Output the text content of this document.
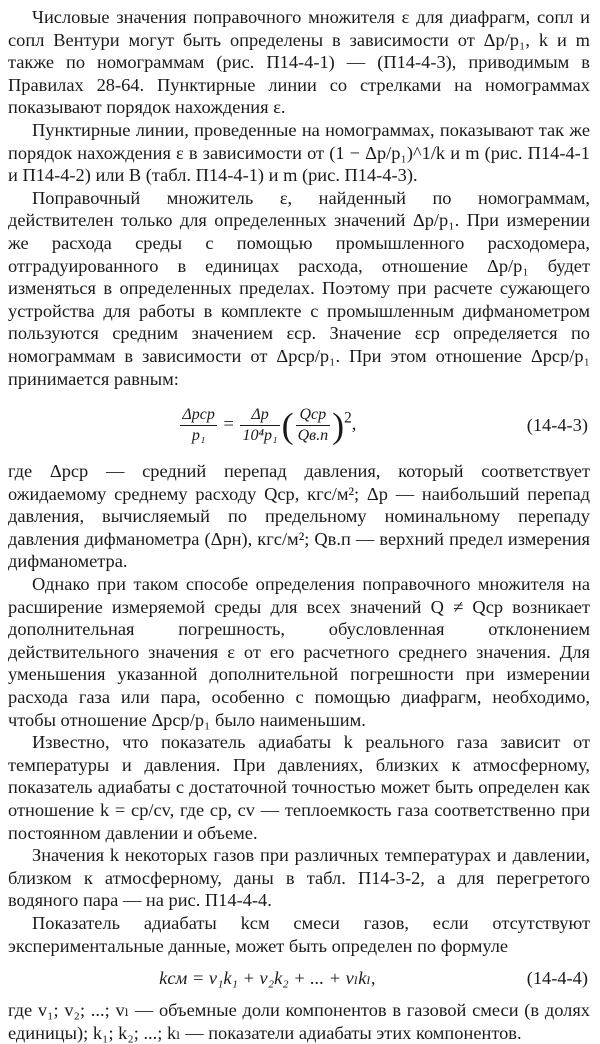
Числовые значения поправочного множителя ε для диафрагм, сопл и сопл Вентури могут быть определены в зависимости от Δp/p₁, k и m также по номограммам (рис. П14-4-1) — (П14-4-3), приводимым в Правилах 28-64. Пунктирные линии со стрелками на номограммах показывают порядок нахождения ε.

Пунктирные линии, проведенные на номограммах, показывают так же порядок нахождения ε в зависимости от (1 − Δp/p₁)^1/k и m (рис. П14-4-1 и П14-4-2) или B (табл. П14-4-1) и m (рис. П14-4-3).

Поправочный множитель ε, найденный по номограммам, действителен только для определенных значений Δp/p₁. При измерении же расхода среды с помощью промышленного расходомера, отградуированного в единицах расхода, отношение Δp/p₁ будет изменяться в определенных пределах. Поэтому при расчете сужающего устройства для работы в комплекте с промышленным дифманометром пользуются средним значением εср. Значение εср определяется по номограммам в зависимости от Δpср/p₁. При этом отношение Δpср/p₁ принимается равным:

$\frac{\text{Δpср}}{\text{p₁}} = \frac{\Delta p}{\text{10⁴p₁}}$ ( $\frac{\text{Qср}}{Qв.п} )^2$,	(14-4-3)

где Δpср — средний перепад давления, который соответствует ожидаемому среднему расходу Qср, кгс/м²; Δp — наибольший перепад давления, вычисляемый по предельному номинальному перепаду давления дифманометра (Δpн), кгс/м²; Qв.п — верхний предел измерения дифманометра.

Однако при таком способе определения поправочного множителя на расширение измеряемой среды для всех значений Q ≠ Qср возникает дополнительная погрешность, обусловленная отклонением действительного значения ε от его расчетного среднего значения. Для уменьшения указанной дополнительной погрешности при измерении расхода газа или пара, особенно с помощью диафрагм, необходимо, чтобы отношение Δpср/p₁ было наименьшим.

Известно, что показатель адиабаты k реального газа зависит от температуры и давления. При давлениях, близких к атмосферному, показатель адиабаты с достаточной точностью может быть определен как отношение k = cp/cv, где cp, cv — теплоемкость газа соответственно при постоянном давлении и объеме.

Значения k некоторых газов при различных температурах и давлении, близком к атмосферному, даны в табл. П14-3-2, а для перегретого водяного пара — на рис. П14-4-4.

Показатель адиабаты kсм смеси газов, если отсутствуют экспериментальные данные, может быть определен по формуле

kсм = v₁k₁ + v₂k₂ + ... + vₗkₗ,	(14-4-4)

где v₁; v₂; ...; vₗ — объемные доли компонентов в газовой смеси (в долях единицы); k₁; k₂; ...; kₗ — показатели адиабаты этих компонентов.
